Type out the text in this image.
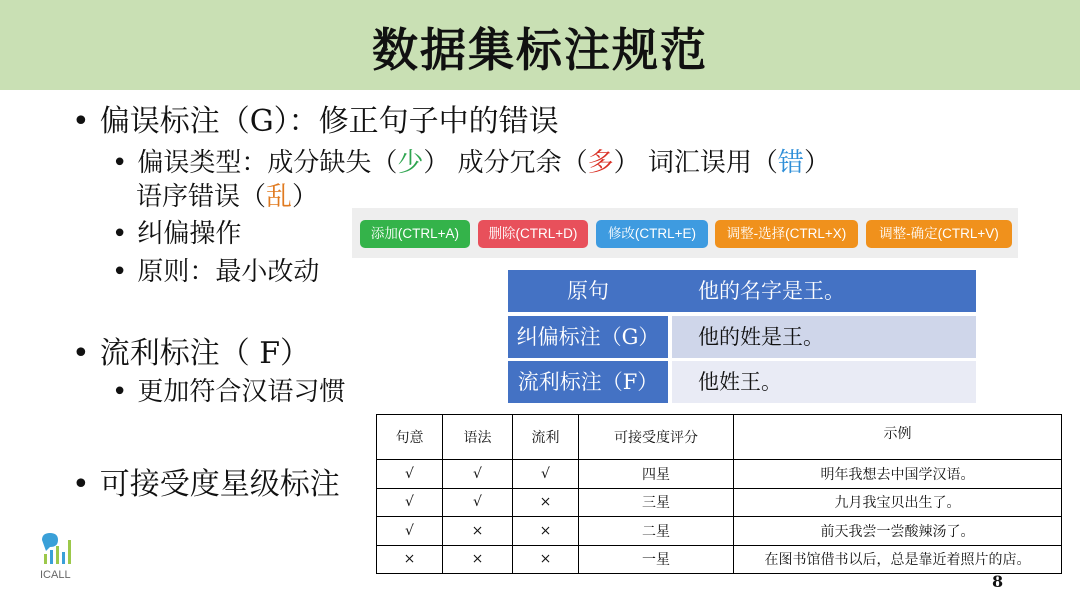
数据集标注规范
• 偏误标注（G）：修正句子中的错误
• 偏误类型：成分缺失（少） 成分冗余（多） 词汇误用（错）
语序错误（乱）
• 纠偏操作
• 原则：最小改动
• 流利标注（ F）
• 更加符合汉语习惯
• 可接受度星级标注
添加(CTRL+A)	删除(CTRL+D)	修改(CTRL+E)	调整-选择(CTRL+X)	调整-确定(CTRL+V)
原句	他的名字是王。
纠偏标注（G）	他的姓是王。
流利标注（F）	他姓王。
句意	语法	流利	可接受度评分	示例
√	√	√	四星	明年我想去中国学汉语。
√	√	×	三星	九月我宝贝出生了。
√	×	×	二星	前天我尝一尝酸辣汤了。
×	×	×	一星	在图书馆借书以后，总是靠近着照片的店。
ICALL	8
